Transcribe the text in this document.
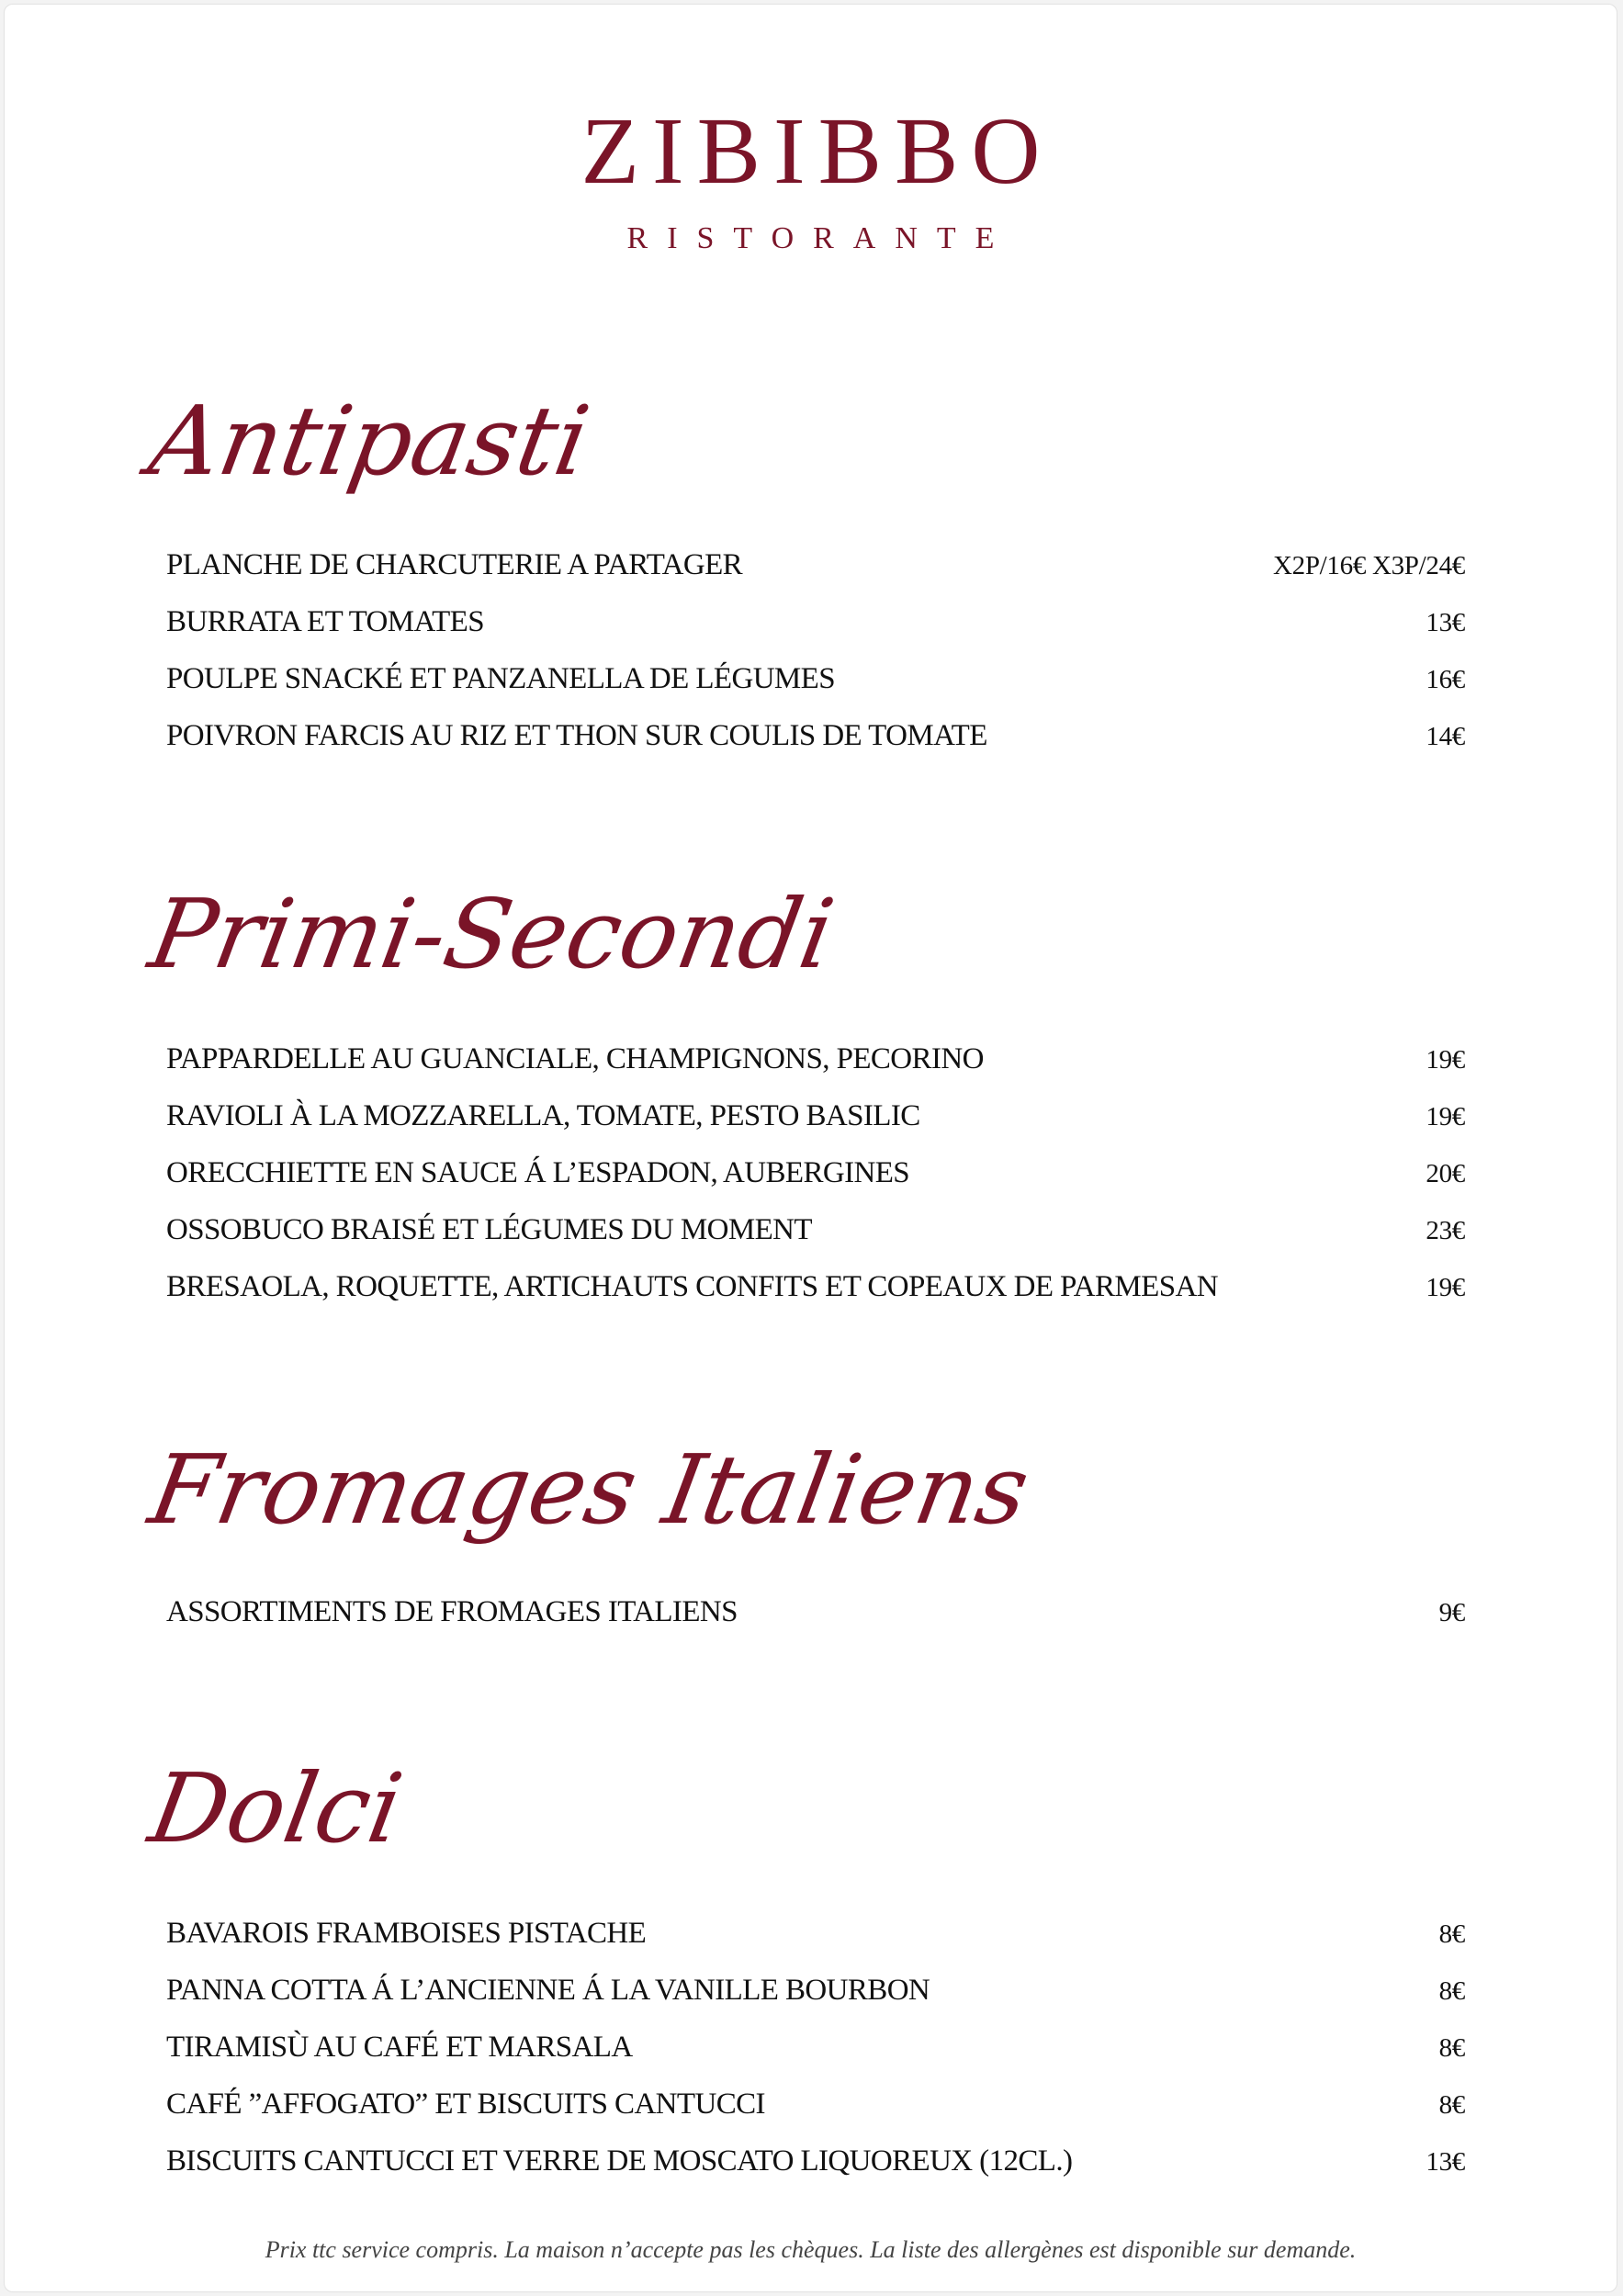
ZIBIBBO
RISTORANTE
Antipasti
PLANCHE DE CHARCUTERIE A PARTAGER	X2P/16€ X3P/24€
BURRATA ET TOMATES	13€
POULPE SNACKÉ ET PANZANELLA DE LÉGUMES	16€
POIVRON FARCIS AU RIZ ET THON SUR COULIS DE TOMATE	14€
Primi-Secondi
PAPPARDELLE AU GUANCIALE, CHAMPIGNONS, PECORINO	19€
RAVIOLI À LA MOZZARELLA, TOMATE, PESTO BASILIC	19€
ORECCHIETTE EN SAUCE Á L’ESPADON, AUBERGINES	20€
OSSOBUCO BRAISÉ ET LÉGUMES DU MOMENT	23€
BRESAOLA, ROQUETTE, ARTICHAUTS CONFITS ET COPEAUX DE PARMESAN	19€
Fromages Italiens
ASSORTIMENTS DE FROMAGES ITALIENS	9€
Dolci
BAVAROIS FRAMBOISES PISTACHE	8€
PANNA COTTA Á L’ANCIENNE Á LA VANILLE BOURBON	8€
TIRAMISÙ AU CAFÉ ET MARSALA	8€
CAFÉ ”AFFOGATO” ET BISCUITS CANTUCCI	8€
BISCUITS CANTUCCI ET VERRE DE MOSCATO LIQUOREUX (12CL.)	13€
Prix ttc service compris. La maison n’accepte pas les chèques. La liste des allergènes est disponible sur demande.
